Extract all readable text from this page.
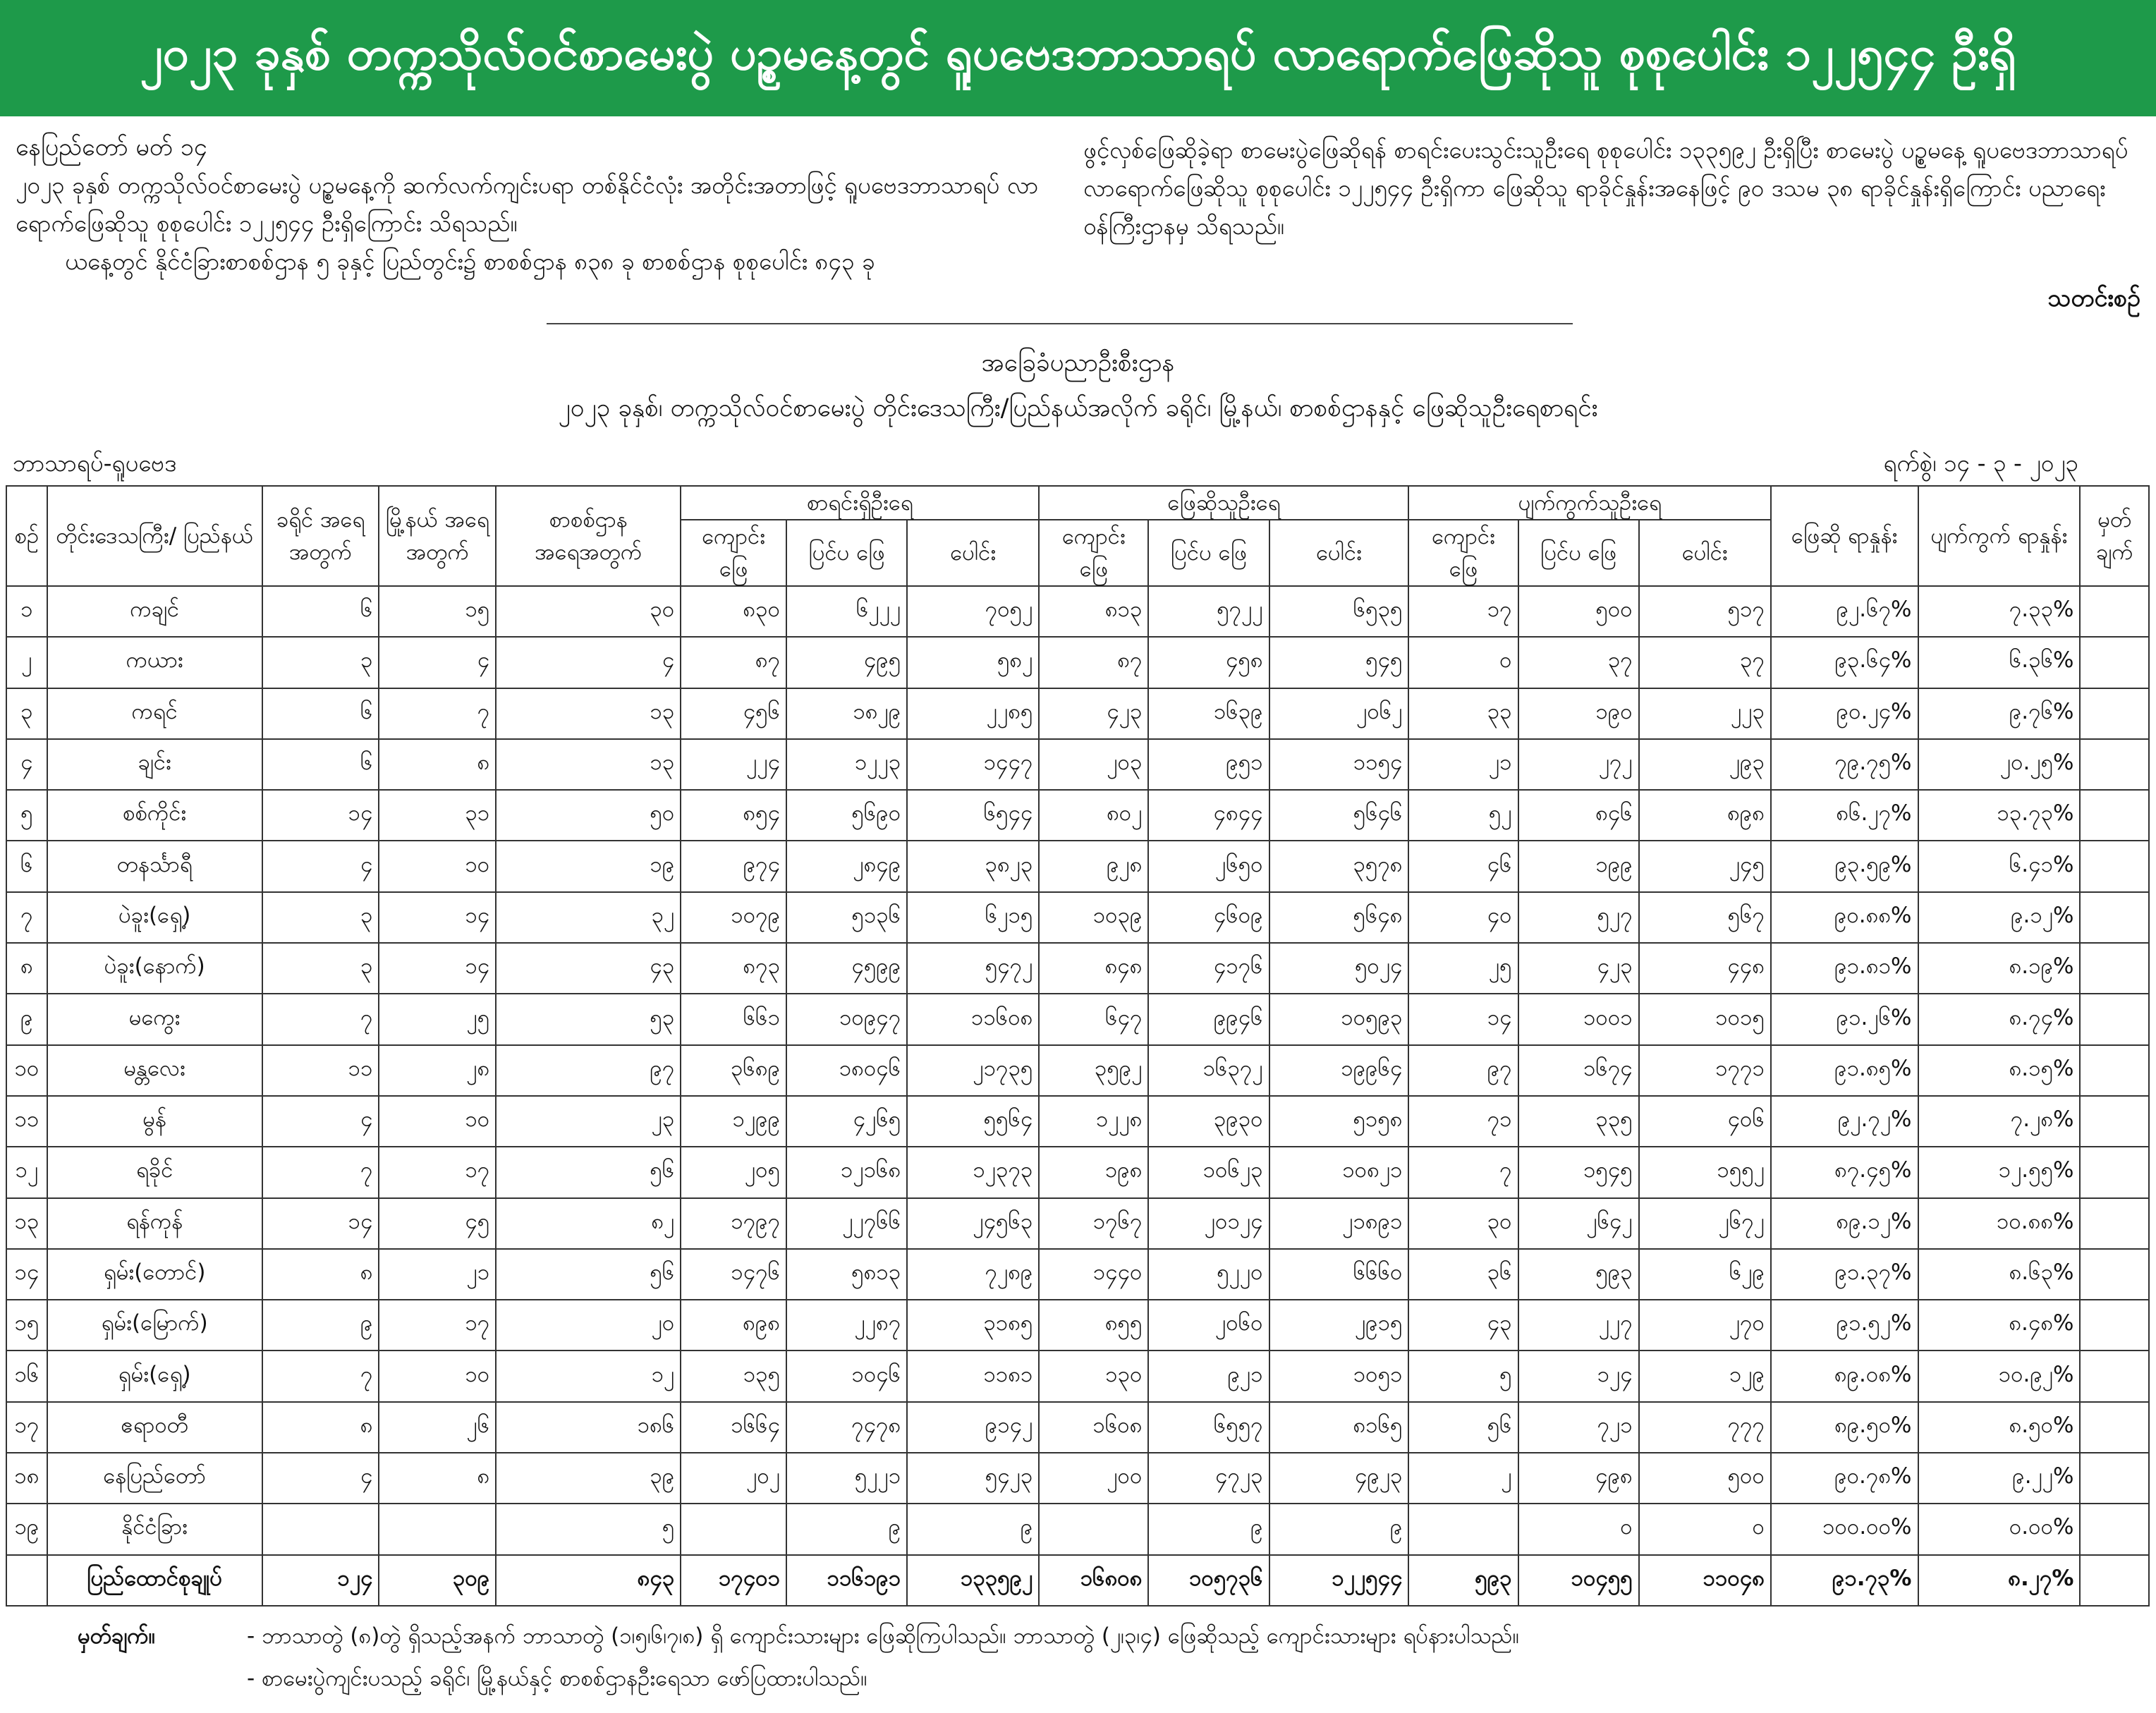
၂၀၂၃ ခုနှစ် တက္ကသိုလ်ဝင်စာမေးပွဲ ပဉ္စမနေ့တွင် ရူပဗေဒဘာသာရပ် လာရောက်ဖြေဆိုသူ စုစုပေါင်း ၁၂၂၅၄၄ ဦးရှိ
နေပြည်တော် မတ် ၁၄

၂၀၂၃ ခုနှစ် တက္ကသိုလ်ဝင်စာမေးပွဲ ပဉ္စမနေ့ကို ဆက်လက်ကျင်းပရာ တစ်နိုင်ငံလုံး အတိုင်းအတာဖြင့် ရူပဗေဒဘာသာရပ် လာရောက်ဖြေဆိုသူ စုစုပေါင်း ၁၂၂၅၄၄ ဦးရှိကြောင်း သိရသည်။

ယနေ့တွင် နိုင်ငံခြားစာစစ်ဌာန ၅ ခုနှင့် ပြည်တွင်း၌ စာစစ်ဌာန ၈၃၈ ခု စာစစ်ဌာန စုစုပေါင်း ၈၄၃ ခု

ဖွင့်လှစ်ဖြေဆိုခဲ့ရာ စာမေးပွဲဖြေဆိုရန် စာရင်းပေးသွင်းသူဦးရေ စုစုပေါင်း ၁၃၃၅၉၂ ဦးရှိပြီး စာမေးပွဲ ပဉ္စမနေ့ ရူပဗေဒဘာသာရပ် လာရောက်ဖြေဆိုသူ စုစုပေါင်း ၁၂၂၅၄၄ ဦးရှိကာ ဖြေဆိုသူ ရာခိုင်နှုန်းအနေဖြင့် ၉၀ ဒသမ ၃၈ ရာခိုင်နှုန်းရှိကြောင်း ပညာရေးဝန်ကြီးဌာနမှ သိရသည်။

သတင်းစဉ်
အခြေခံပညာဦးစီးဌာန
၂၀၂၃ ခုနှစ်၊ တက္ကသိုလ်ဝင်စာမေးပွဲ တိုင်းဒေသကြီး/ပြည်နယ်အလိုက် ခရိုင်၊ မြို့နယ်၊ စာစစ်ဌာနနှင့် ဖြေဆိုသူဦးရေစာရင်း
ဘာသာရပ်-ရူပဗေဒ	ရက်စွဲ၊ ၁၄ - ၃ - ၂၀၂၃
စဉ်	တိုင်းဒေသကြီး/ ပြည်နယ်	ခရိုင် အရေ အတွက်	မြို့နယ် အရေ အတွက်	စာစစ်ဌာန အရေအတွက်	စာရင်းရှိဦးရေ			ဖြေဆိုသူဦးရေ			ပျက်ကွက်သူဦးရေ			ဖြေဆို ရာနှုန်း	ပျက်ကွက် ရာနှုန်း	မှတ် ချက်
					ကျောင်း ဖြေ	ပြင်ပ ဖြေ	ပေါင်း	ကျောင်း ဖြေ	ပြင်ပ ဖြေ	ပေါင်း	ကျောင်း ဖြေ	ပြင်ပ ဖြေ	ပေါင်း			
၁	ကချင်	၆	၁၅	၃၀	၈၃၀	၆၂၂၂	၇၀၅၂	၈၁၃	၅၇၂၂	၆၅၃၅	၁၇	၅၀၀	၅၁၇	၉၂.၆၇%	၇.၃၃%	
၂	ကယား	၃	၄	၄	၈၇	၄၉၅	၅၈၂	၈၇	၄၅၈	၅၄၅	၀	၃၇	၃၇	၉၃.၆၄%	၆.၃၆%	
၃	ကရင်	၆	၇	၁၃	၄၅၆	၁၈၂၉	၂၂၈၅	၄၂၃	၁၆၃၉	၂၀၆၂	၃၃	၁၉၀	၂၂၃	၉၀.၂၄%	၉.၇၆%	
၄	ချင်း	၆	၈	၁၃	၂၂၄	၁၂၂၃	၁၄၄၇	၂၀၃	၉၅၁	၁၁၅၄	၂၁	၂၇၂	၂၉၃	၇၉.၇၅%	၂၀.၂၅%	
၅	စစ်ကိုင်း	၁၄	၃၁	၅၀	၈၅၄	၅၆၉၀	၆၅၄၄	၈၀၂	၄၈၄၄	၅၆၄၆	၅၂	၈၄၆	၈၉၈	၈၆.၂၇%	၁၃.၇၃%	
၆	တနင်္သာရီ	၄	၁၀	၁၉	၉၇၄	၂၈၄၉	၃၈၂၃	၉၂၈	၂၆၅၀	၃၅၇၈	၄၆	၁၉၉	၂၄၅	၉၃.၅၉%	၆.၄၁%	
၇	ပဲခူး(ရှေ့)	၃	၁၄	၃၂	၁၀၇၉	၅၁၃၆	၆၂၁၅	၁၀၃၉	၄၆၀၉	၅၆၄၈	၄၀	၅၂၇	၅၆၇	၉၀.၈၈%	၉.၁၂%	
၈	ပဲခူး(နောက်)	၃	၁၄	၄၃	၈၇၃	၄၅၉၉	၅၄၇၂	၈၄၈	၄၁၇၆	၅၀၂၄	၂၅	၄၂၃	၄၄၈	၉၁.၈၁%	၈.၁၉%	
၉	မကွေး	၇	၂၅	၅၃	၆၆၁	၁၀၉၄၇	၁၁၆၀၈	၆၄၇	၉၉၄၆	၁၀၅၉၃	၁၄	၁၀၀၁	၁၀၁၅	၉၁.၂၆%	၈.၇၄%	
၁၀	မန္တလေး	၁၁	၂၈	၉၇	၃၆၈၉	၁၈၀၄၆	၂၁၇၃၅	၃၅၉၂	၁၆၃၇၂	၁၉၉၆၄	၉၇	၁၆၇၄	၁၇၇၁	၉၁.၈၅%	၈.၁၅%	
၁၁	မွန်	၄	၁၀	၂၃	၁၂၉၉	၄၂၆၅	၅၅၆၄	၁၂၂၈	၃၉၃၀	၅၁၅၈	၇၁	၃၃၅	၄၀၆	၉၂.၇၂%	၇.၂၈%	
၁၂	ရခိုင်	၇	၁၇	၅၆	၂၀၅	၁၂၁၆၈	၁၂၃၇၃	၁၉၈	၁၀၆၂၃	၁၀၈၂၁	၇	၁၅၄၅	၁၅၅၂	၈၇.၄၅%	၁၂.၅၅%	
၁၃	ရန်ကုန်	၁၄	၄၅	၈၂	၁၇၉၇	၂၂၇၆၆	၂၄၅၆၃	၁၇၆၇	၂၀၁၂၄	၂၁၈၉၁	၃၀	၂၆၄၂	၂၆၇၂	၈၉.၁၂%	၁၀.၈၈%	
၁၄	ရှမ်း(တောင်)	၈	၂၁	၅၆	၁၄၇၆	၅၈၁၃	၇၂၈၉	၁၄၄၀	၅၂၂၀	၆၆၆၀	၃၆	၅၉၃	၆၂၉	၉၁.၃၇%	၈.၆၃%	
၁၅	ရှမ်း(မြောက်)	၉	၁၇	၂၀	၈၉၈	၂၂၈၇	၃၁၈၅	၈၅၅	၂၀၆၀	၂၉၁၅	၄၃	၂၂၇	၂၇၀	၉၁.၅၂%	၈.၄၈%	
၁၆	ရှမ်း(ရှေ့)	၇	၁၀	၁၂	၁၃၅	၁၀၄၆	၁၁၈၁	၁၃၀	၉၂၁	၁၀၅၁	၅	၁၂၄	၁၂၉	၈၉.၀၈%	၁၀.၉၂%	
၁၇	ဧရာဝတီ	၈	၂၆	၁၈၆	၁၆၆၄	၇၄၇၈	၉၁၄၂	၁၆၀၈	၆၅၅၇	၈၁၆၅	၅၆	၇၂၁	၇၇၇	၈၉.၅၀%	၈.၅၀%	
၁၈	နေပြည်တော်	၄	၈	၃၉	၂၀၂	၅၂၂၁	၅၄၂၃	၂၀၀	၄၇၂၃	၄၉၂၃	၂	၄၉၈	၅၀၀	၉၀.၇၈%	၉.၂၂%	
၁၉	နိုင်ငံခြား			၅		၉	၉		၉	၉		၀	၀	၁၀၀.၀၀%	၀.၀၀%	
	ပြည်ထောင်စုချုပ်	၁၂၄	၃၀၉	၈၄၃	၁၇၄၀၁	၁၁၆၁၉၁	၁၃၃၅၉၂	၁၆၈၀၈	၁၀၅၇၃၆	၁၂၂၅၄၄	၅၉၃	၁၀၄၅၅	၁၁၀၄၈	၉၁.၇၃%	၈.၂၇%	
မှတ်ချက်။	- ဘာသာတွဲ (၈)တွဲ ရှိသည့်အနက် ဘာသာတွဲ (၁၊၅၊၆၊၇၊၈) ရှိ ကျောင်းသားများ ဖြေဆိုကြပါသည်။ ဘာသာတွဲ (၂၊၃၊၄) ဖြေဆိုသည့် ကျောင်းသားများ ရပ်နားပါသည်။
- စာမေးပွဲကျင်းပသည့် ခရိုင်၊ မြို့နယ်နှင့် စာစစ်ဌာနဦးရေသာ ဖော်ပြထားပါသည်။
